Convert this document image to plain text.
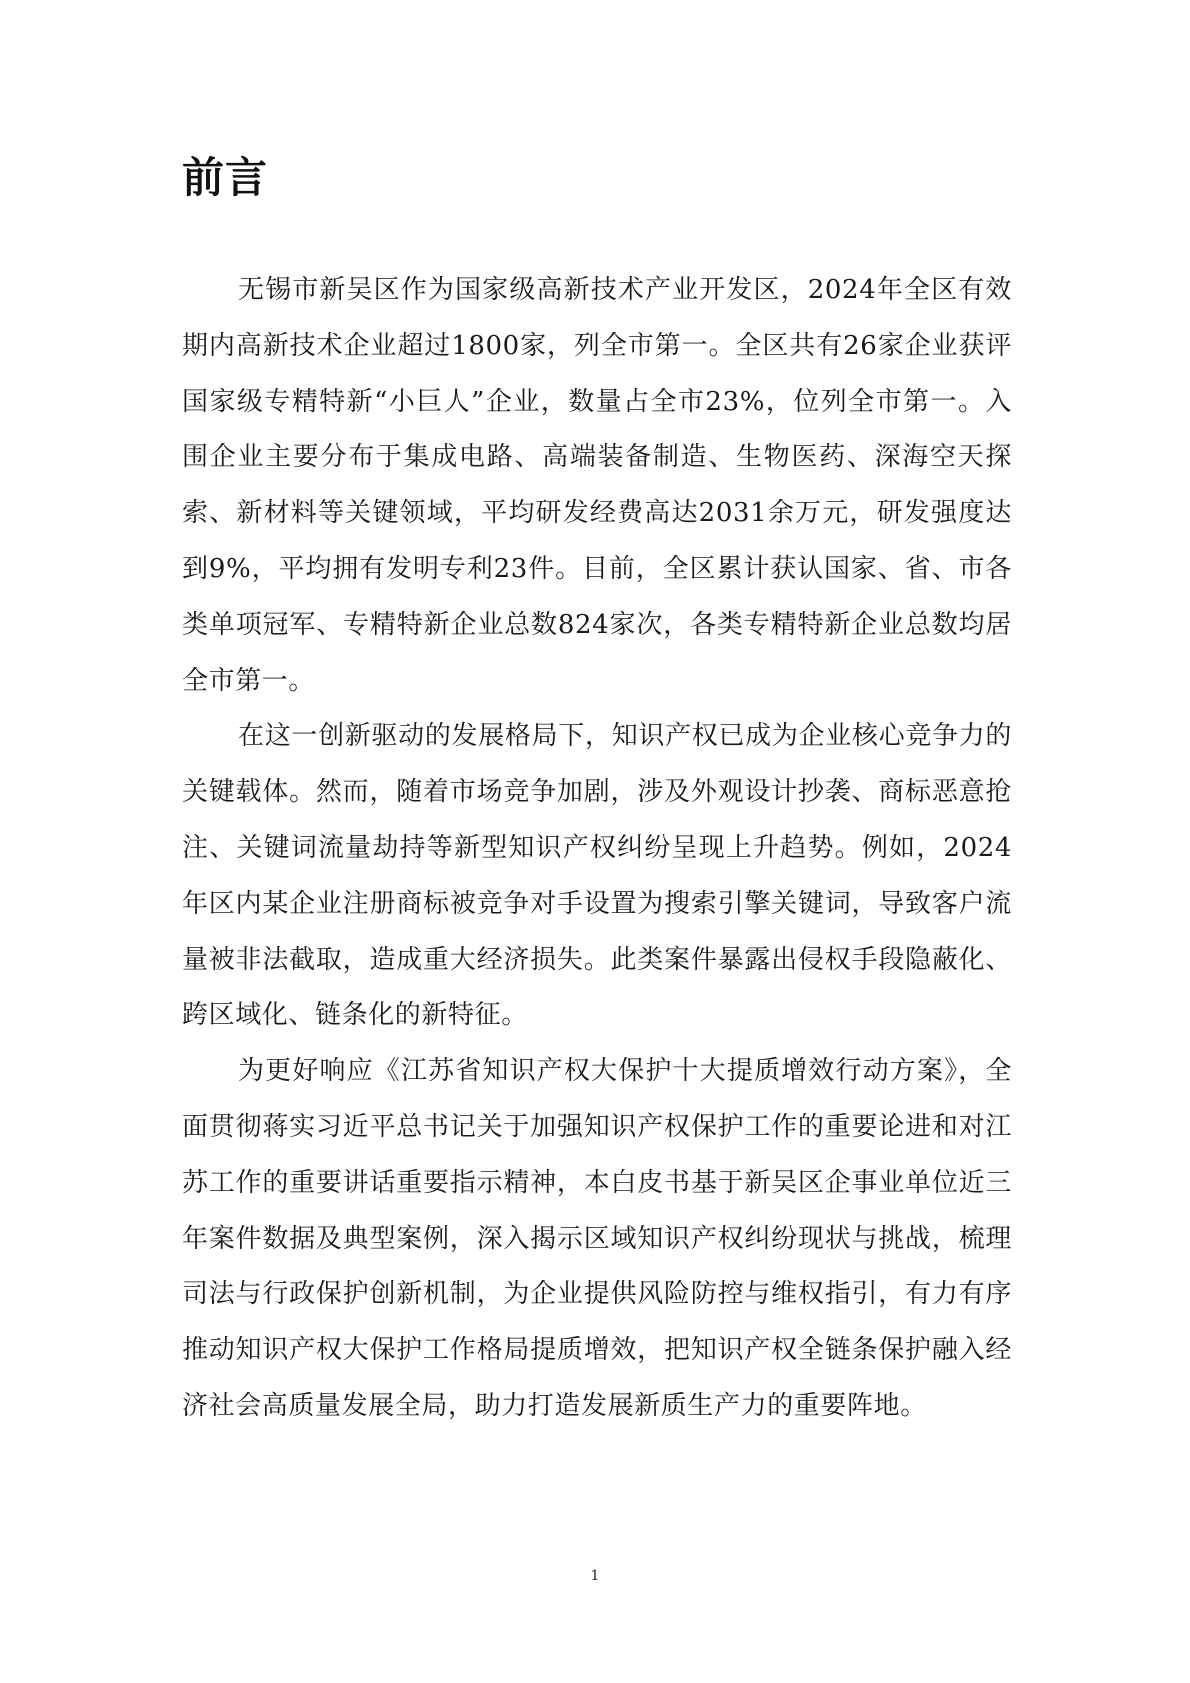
前言

无锡市新吴区作为国家级高新技术产业开发区，2024年全区有效期内高新技术企业超过1800家，列全市第一。全区共有26家企业获评国家级专精特新“小巨人”企业，数量占全市23%，位列全市第一。入围企业主要分布于集成电路、高端装备制造、生物医药、深海空天探索、新材料等关键领域，平均研发经费高达2031余万元，研发强度达到9%，平均拥有发明专利23件。目前，全区累计获认国家、省、市各类单项冠军、专精特新企业总数824家次，各类专精特新企业总数均居全市第一。

在这一创新驱动的发展格局下，知识产权已成为企业核心竞争力的关键载体。然而，随着市场竞争加剧，涉及外观设计抄袭、商标恶意抢注、关键词流量劫持等新型知识产权纠纷呈现上升趋势。例如，2024年区内某企业注册商标被竞争对手设置为搜索引擎关键词，导致客户流量被非法截取，造成重大经济损失。此类案件暴露出侵权手段隐蔽化、跨区域化、链条化的新特征。

为更好响应《江苏省知识产权大保护十大提质增效行动方案》，全面贯彻蒋实习近平总书记关于加强知识产权保护工作的重要论进和对江苏工作的重要讲话重要指示精神，本白皮书基于新吴区企事业单位近三年案件数据及典型案例，深入揭示区域知识产权纠纷现状与挑战，梳理司法与行政保护创新机制，为企业提供风险防控与维权指引，有力有序推动知识产权大保护工作格局提质增效，把知识产权全链条保护融入经济社会高质量发展全局，助力打造发展新质生产力的重要阵地。

1
